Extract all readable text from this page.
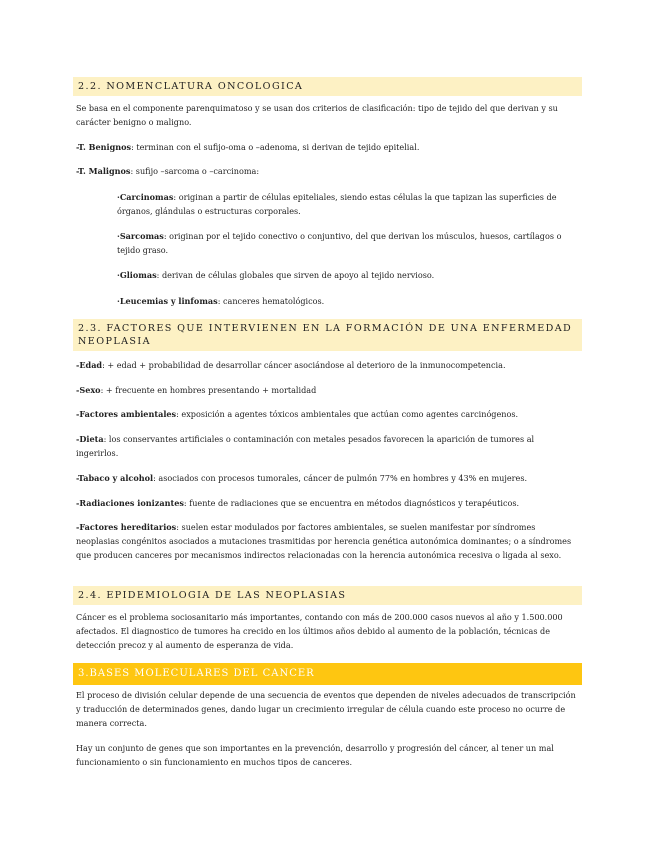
2.2. NOMENCLATURA ONCOLOGICA
Se basa en el componente parenquimatoso y se usan dos criterios de clasificación: tipo de tejido del que derivan y su carácter benigno o maligno.
-T. Benignos: terminan con el sufijo-oma o –adenoma, si derivan de tejido epitelial.
-T. Malignos: sufijo –sarcoma o –carcinoma:
·Carcinomas: originan a partir de células epiteliales, siendo estas células la que tapizan las superficies de órganos, glándulas o estructuras corporales.
·Sarcomas: originan por el tejido conectivo o conjuntivo, del que derivan los músculos, huesos, cartílagos o tejido graso.
·Gliomas: derivan de células globales que sirven de apoyo al tejido nervioso.
·Leucemias y linfomas: canceres hematológicos.
2.3. FACTORES QUE INTERVIENEN EN LA FORMACIÓN DE UNA ENFERMEDAD NEOPLASIA
-Edad: + edad + probabilidad de desarrollar cáncer asociándose al deterioro de la inmunocompetencia.
-Sexo: + frecuente en hombres presentando + mortalidad
-Factores ambientales: exposición a agentes tóxicos ambientales que actúan como agentes carcinógenos.
-Dieta: los conservantes artificiales o contaminación con metales pesados favorecen la aparición de tumores al ingerirlos.
-Tabaco y alcohol: asociados con procesos tumorales, cáncer de pulmón 77% en hombres y 43% en mujeres.
-Radiaciones ionizantes: fuente de radiaciones que se encuentra en métodos diagnósticos y terapéuticos.
-Factores hereditarios: suelen estar modulados por factores ambientales, se suelen manifestar por síndromes neoplasias congénitos asociados a mutaciones trasmitidas por herencia genética autonómica dominantes; o a síndromes que producen canceres por mecanismos indirectos relacionadas con la herencia autonómica recesiva o ligada al sexo.
2.4. EPIDEMIOLOGIA DE LAS NEOPLASIAS
Cáncer es el problema sociosanitario más importantes, contando con más de 200.000 casos nuevos al año y 1.500.000 afectados. El diagnostico de tumores ha crecido en los últimos años debido al aumento de la población, técnicas de detección precoz y al aumento de esperanza de vida.
3.BASES MOLECULARES DEL CANCER
El proceso de división celular depende de una secuencia de eventos que dependen de niveles adecuados de transcripción y traducción de determinados genes, dando lugar un crecimiento irregular de célula cuando este proceso no ocurre de manera correcta.
Hay un conjunto de genes que son importantes en la prevención, desarrollo y progresión del cáncer, al tener un mal funcionamiento o sin funcionamiento en muchos tipos de canceres.
